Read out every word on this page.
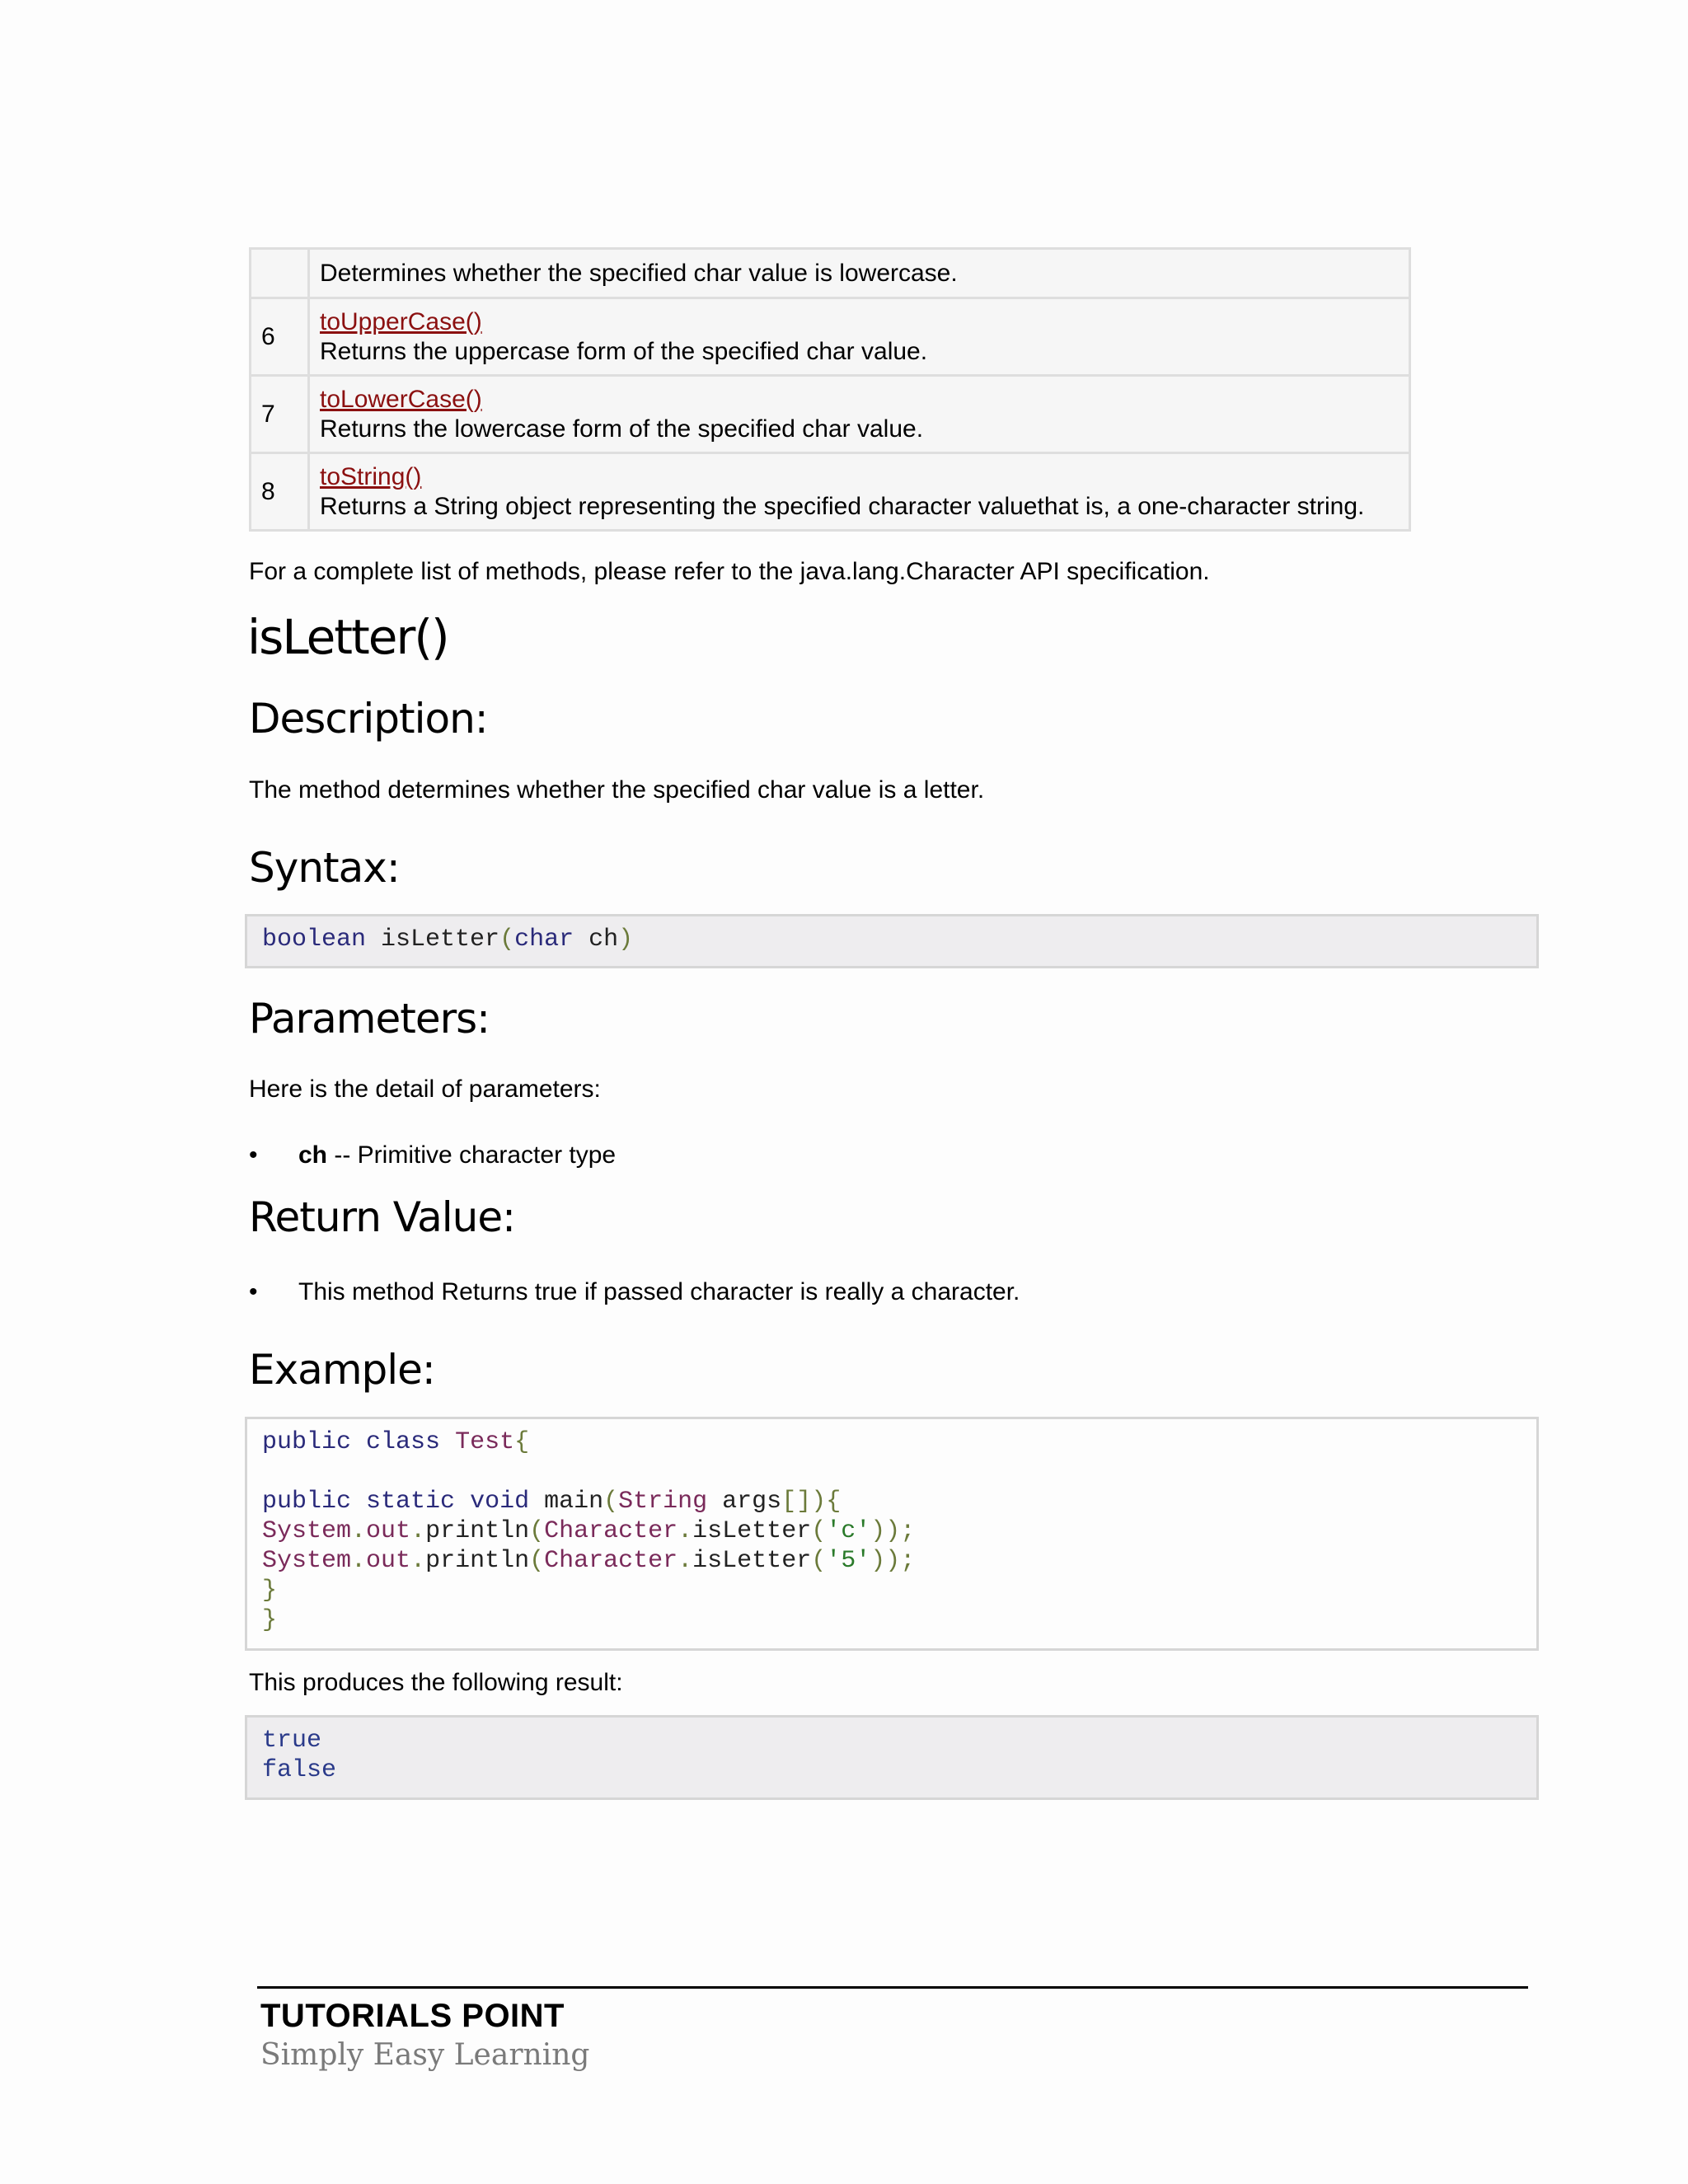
	Determines whether the specified char value is lowercase.
6	toUpperCase()
Returns the uppercase form of the specified char value.
7	toLowerCase()
Returns the lowercase form of the specified char value.
8	toString()
Returns a String object representing the specified character valuethat is, a one-character string.

For a complete list of methods, please refer to the java.lang.Character API specification.

isLetter()
Description:

The method determines whether the specified char value is a letter.

Syntax:
boolean isLetter(char ch)
Parameters:

Here is the detail of parameters:

• ch -- Primitive character type
Return Value:
• This method Returns true if passed character is really a character.
Example:
public class Test{

public static void main(String args[]){
System.out.println(Character.isLetter('c'));
System.out.println(Character.isLetter('5'));
}
}

This produces the following result:

true
false
TUTORIALS POINT
Simply Easy Learning
